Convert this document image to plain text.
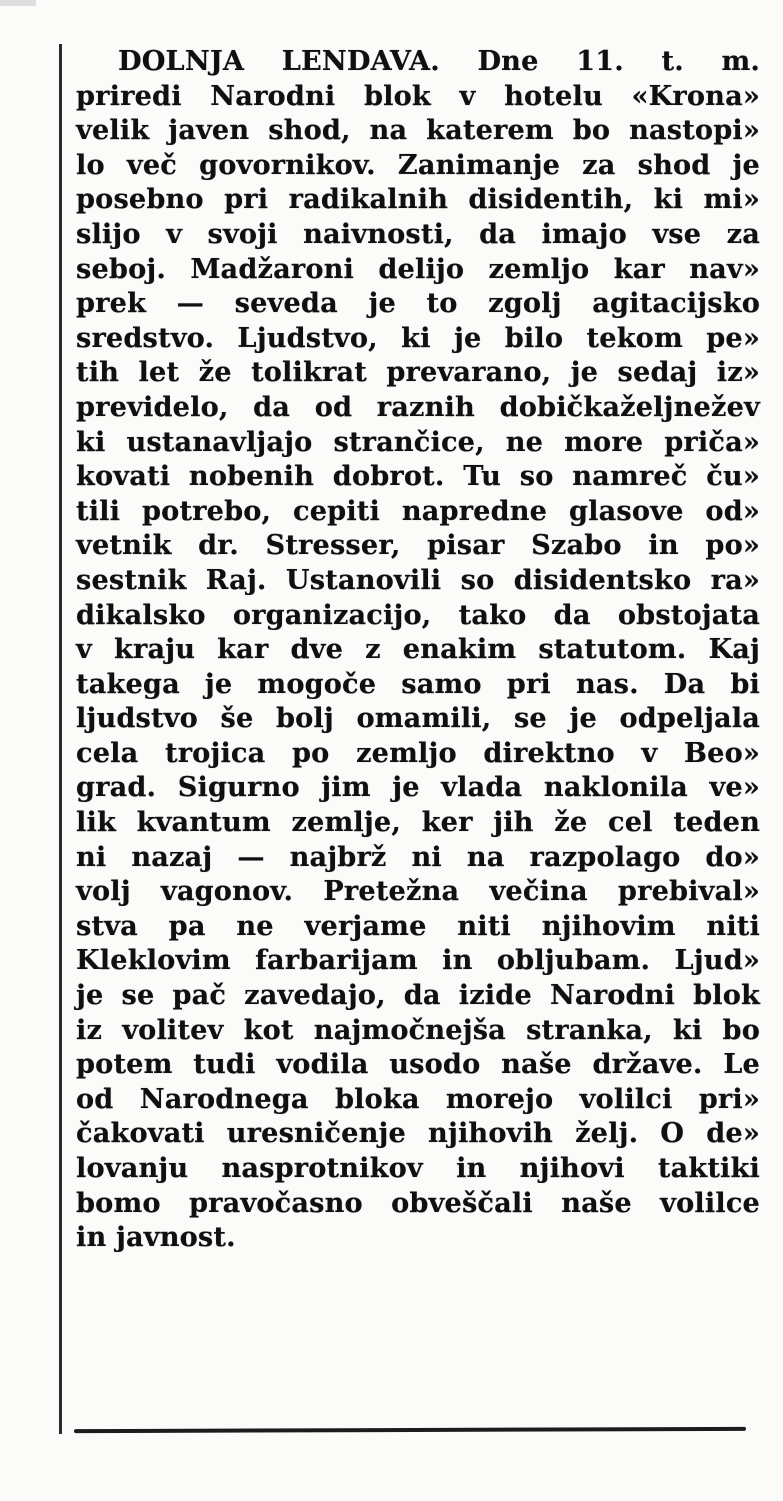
DOLNJA LENDAVA. Dne 11. t. m.
priredi Narodni blok v hotelu «Krona»
velik javen shod, na katerem bo nastopi»
lo več govornikov. Zanimanje za shod je
posebno pri radikalnih disidentih, ki mi»
slijo v svoji naivnosti, da imajo vse za
seboj. Madžaroni delijo zemljo kar nav»
prek — seveda je to zgolj agitacijsko
sredstvo. Ljudstvo, ki je bilo tekom pe»
tih let že tolikrat prevarano, je sedaj iz»
previdelo, da od raznih dobičkaželjnežev
ki ustanavljajo strančice, ne more priča»
kovati nobenih dobrot. Tu so namreč ču»
tili potrebo, cepiti napredne glasove od»
vetnik dr. Stresser, pisar Szabo in po»
sestnik Raj. Ustanovili so disidentsko ra»
dikalsko organizacijo, tako da obstojata
v kraju kar dve z enakim statutom. Kaj
takega je mogoče samo pri nas. Da bi
ljudstvo še bolj omamili, se je odpeljala
cela trojica po zemljo direktno v Beo»
grad. Sigurno jim je vlada naklonila ve»
lik kvantum zemlje, ker jih že cel teden
ni nazaj — najbrž ni na razpolago do»
volj vagonov. Pretežna večina prebival»
stva pa ne verjame niti njihovim niti
Kleklovim farbarijam in obljubam. Ljud»
je se pač zavedajo, da izide Narodni blok
iz volitev kot najmočnejša stranka, ki bo
potem tudi vodila usodo naše države. Le
od Narodnega bloka morejo volilci pri»
čakovati uresničenje njihovih želj. O de»
lovanju nasprotnikov in njihovi taktiki
bomo pravočasno obveščali naše volilce
in javnost.
